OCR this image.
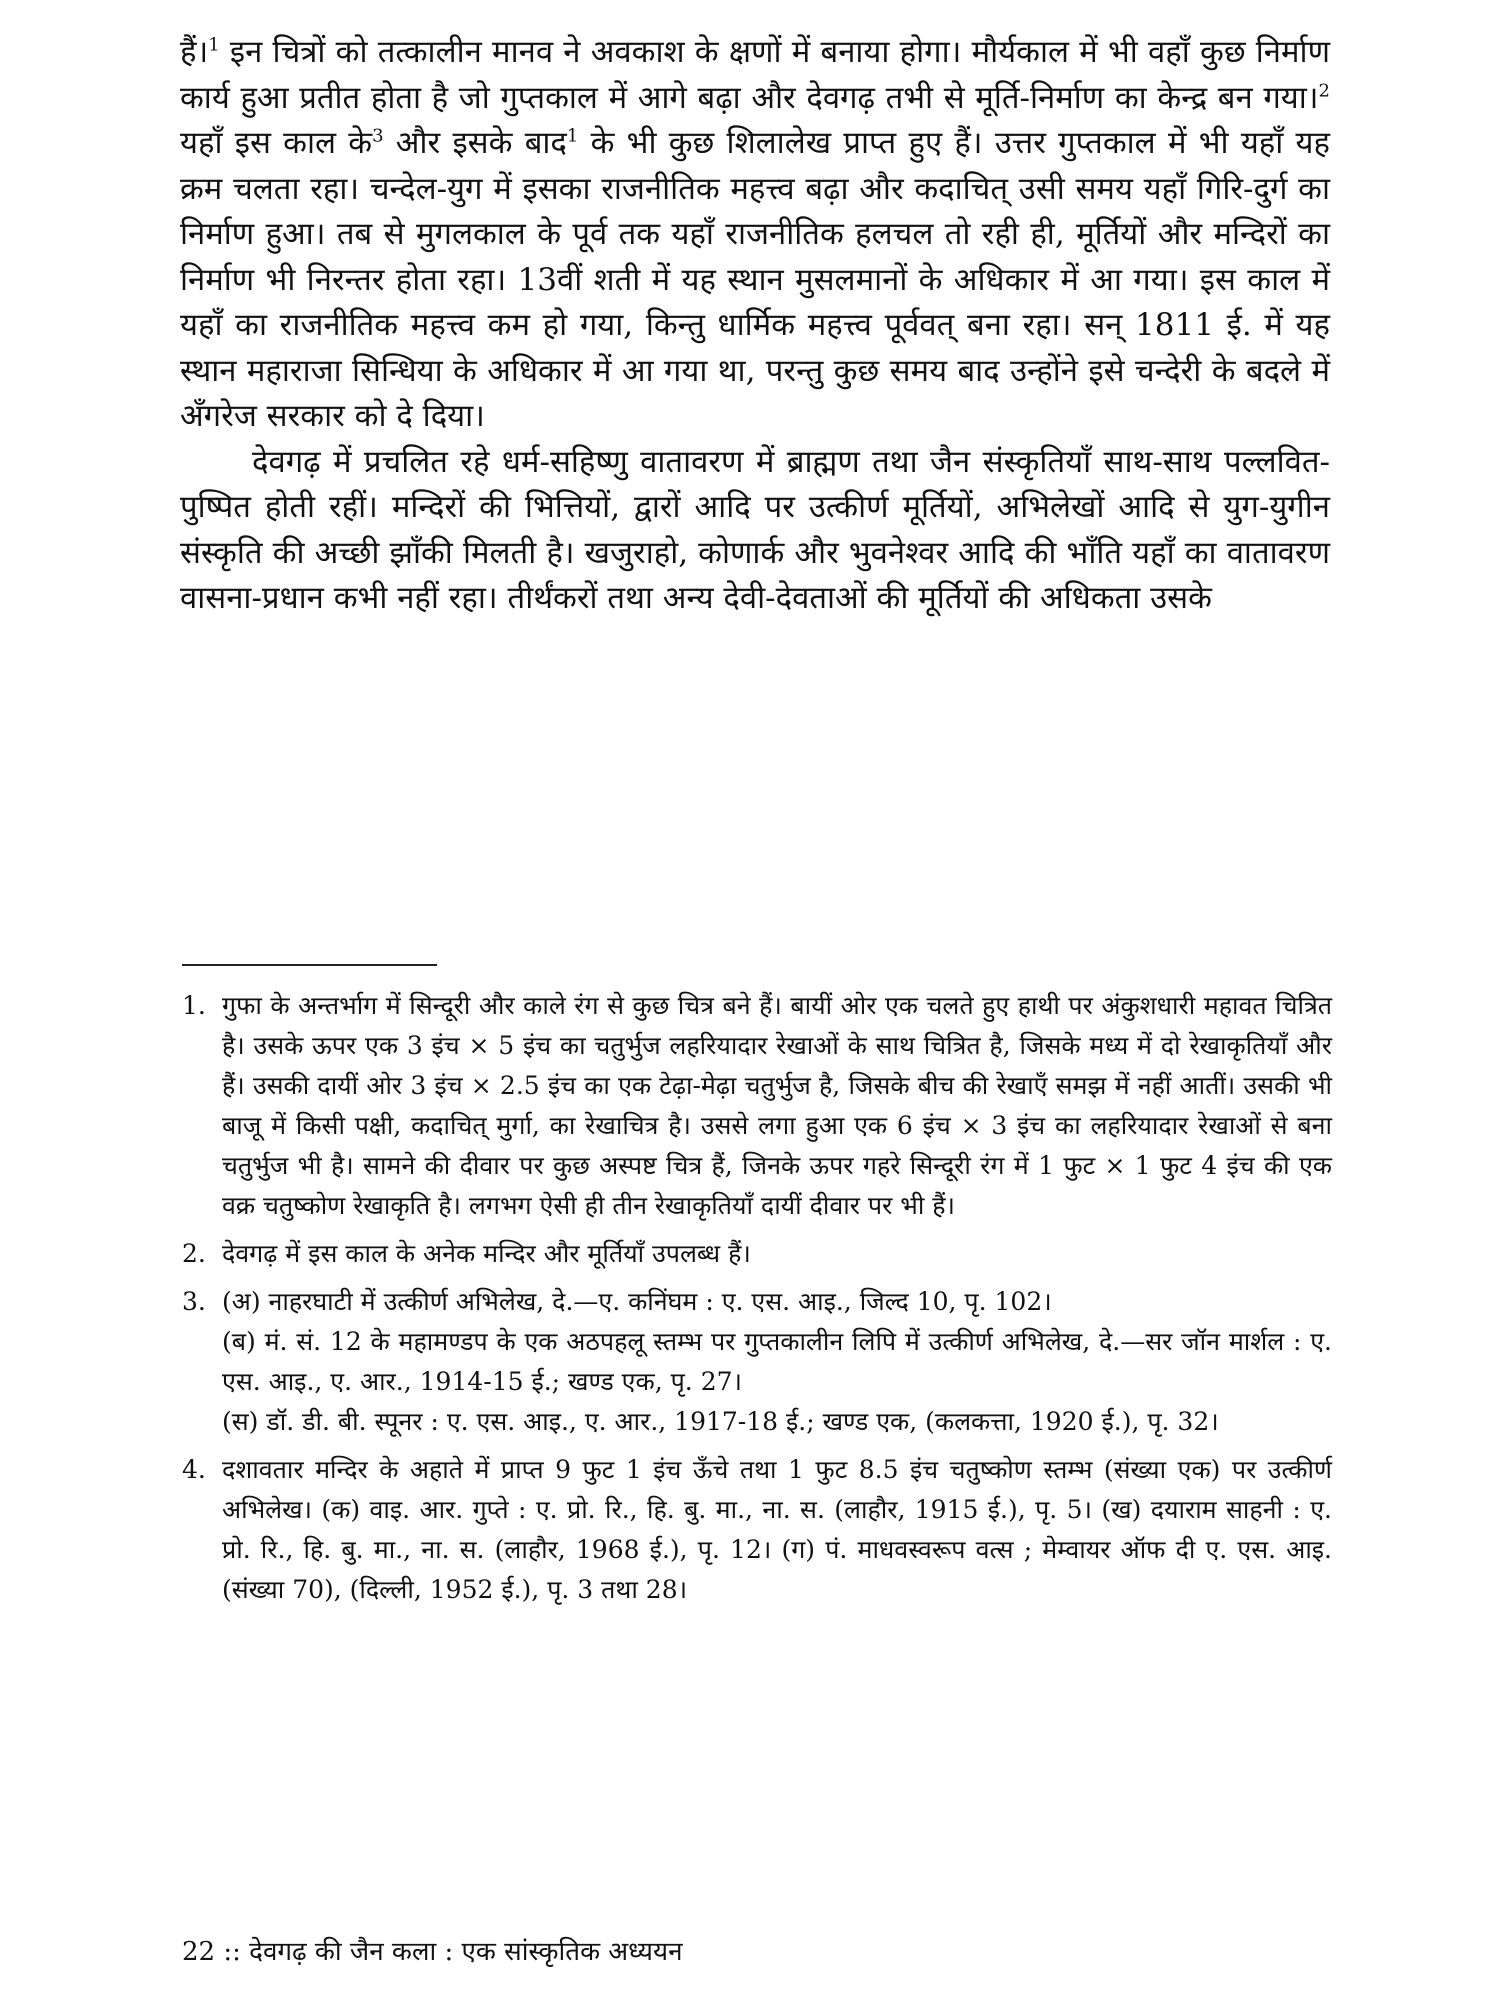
हैं।$^1$ इन चित्रों को तत्कालीन मानव ने अवकाश के क्षणों में बनाया होगा। मौर्यकाल में भी वहाँ कुछ निर्माण कार्य हुआ प्रतीत होता है जो गुप्तकाल में आगे बढ़ा और देवगढ़ तभी से मूर्ति-निर्माण का केन्द्र बन गया।$^2$ यहाँ इस काल के$^3$ और इसके बाद$^1$ के भी कुछ शिलालेख प्राप्त हुए हैं। उत्तर गुप्तकाल में भी यहाँ यह क्रम चलता रहा। चन्देल-युग में इसका राजनीतिक महत्त्व बढ़ा और कदाचित् उसी समय यहाँ गिरि-दुर्ग का निर्माण हुआ। तब से मुगलकाल के पूर्व तक यहाँ राजनीतिक हलचल तो रही ही, मूर्तियों और मन्दिरों का निर्माण भी निरन्तर होता रहा। 13वीं शती में यह स्थान मुसलमानों के अधिकार में आ गया। इस काल में यहाँ का राजनीतिक महत्त्व कम हो गया, किन्तु धार्मिक महत्त्व पूर्ववत् बना रहा। सन् 1811 ई. में यह स्थान महाराजा सिन्धिया के अधिकार में आ गया था, परन्तु कुछ समय बाद उन्होंने इसे चन्देरी के बदले में अँगरेज सरकार को दे दिया।

देवगढ़ में प्रचलित रहे धर्म-सहिष्णु वातावरण में ब्राह्मण तथा जैन संस्कृतियाँ साथ-साथ पल्लवित-पुष्पित होती रहीं। मन्दिरों की भित्तियों, द्वारों आदि पर उत्कीर्ण मूर्तियों, अभिलेखों आदि से युग-युगीन संस्कृति की अच्छी झाँकी मिलती है। खजुराहो, कोणार्क और भुवनेश्वर आदि की भाँति यहाँ का वातावरण वासना-प्रधान कभी नहीं रहा। तीर्थंकरों तथा अन्य देवी-देवताओं की मूर्तियों की अधिकता उसके

1. गुफा के अन्तर्भाग में सिन्दूरी और काले रंग से कुछ चित्र बने हैं। बायीं ओर एक चलते हुए हाथी पर अंकुशधारी महावत चित्रित है। उसके ऊपर एक 3 इंच × 5 इंच का चतुर्भुज लहरियादार रेखाओं के साथ चित्रित है, जिसके मध्य में दो रेखाकृतियाँ और हैं। उसकी दायीं ओर 3 इंच × 2.5 इंच का एक टेढ़ा-मेढ़ा चतुर्भुज है, जिसके बीच की रेखाएँ समझ में नहीं आतीं। उसकी भी बाजू में किसी पक्षी, कदाचित् मुर्गा, का रेखाचित्र है। उससे लगा हुआ एक 6 इंच × 3 इंच का लहरियादार रेखाओं से बना चतुर्भुज भी है। सामने की दीवार पर कुछ अस्पष्ट चित्र हैं, जिनके ऊपर गहरे सिन्दूरी रंग में 1 फुट × 1 फुट 4 इंच की एक वक्र चतुष्कोण रेखाकृति है। लगभग ऐसी ही तीन रेखाकृतियाँ दायीं दीवार पर भी हैं।
2. देवगढ़ में इस काल के अनेक मन्दिर और मूर्तियाँ उपलब्ध हैं।
3. (अ) नाहरघाटी में उत्कीर्ण अभिलेख, दे.—ए. कनिंघम : ए. एस. आइ., जिल्द 10, पृ. 102।
(ब) मं. सं. 12 के महामण्डप के एक अठपहलू स्तम्भ पर गुप्तकालीन लिपि में उत्कीर्ण अभिलेख, दे.—सर जॉन मार्शल : ए. एस. आइ., ए. आर., 1914-15 ई.; खण्ड एक, पृ. 27।
(स) डॉ. डी. बी. स्पूनर : ए. एस. आइ., ए. आर., 1917-18 ई.; खण्ड एक, (कलकत्ता, 1920 ई.), पृ. 32।
4. दशावतार मन्दिर के अहाते में प्राप्त 9 फुट 1 इंच ऊँचे तथा 1 फुट 8.5 इंच चतुष्कोण स्तम्भ (संख्या एक) पर उत्कीर्ण अभिलेख। (क) वाइ. आर. गुप्ते : ए. प्रो. रि., हि. बु. मा., ना. स. (लाहौर, 1915 ई.), पृ. 5। (ख) दयाराम साहनी : ए. प्रो. रि., हि. बु. मा., ना. स. (लाहौर, 1968 ई.), पृ. 12। (ग) पं. माधवस्वरूप वत्स ; मेम्वायर ऑफ दी ए. एस. आइ. (संख्या 70), (दिल्ली, 1952 ई.), पृ. 3 तथा 28।
22 :: देवगढ़ की जैन कला : एक सांस्कृतिक अध्ययन
